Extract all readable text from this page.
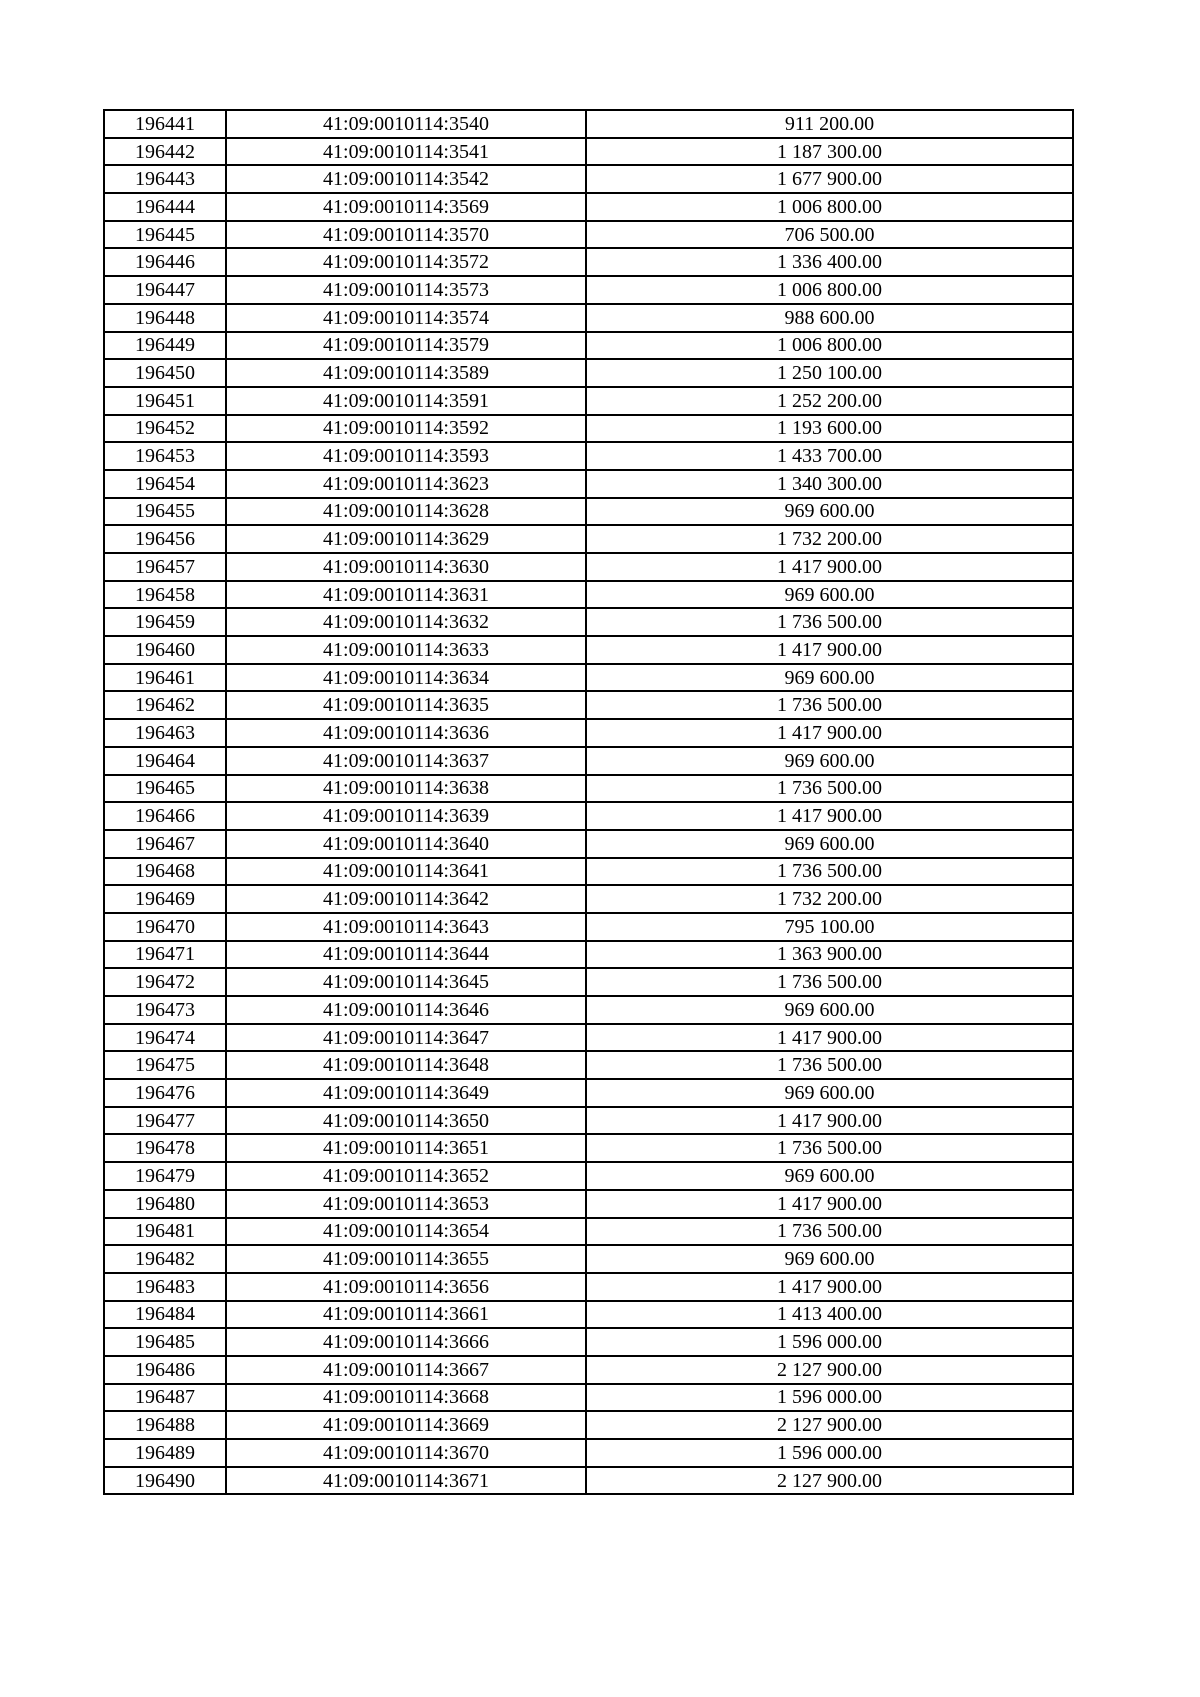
196441	41:09:0010114:3540	911 200.00
196442	41:09:0010114:3541	1 187 300.00
196443	41:09:0010114:3542	1 677 900.00
196444	41:09:0010114:3569	1 006 800.00
196445	41:09:0010114:3570	706 500.00
196446	41:09:0010114:3572	1 336 400.00
196447	41:09:0010114:3573	1 006 800.00
196448	41:09:0010114:3574	988 600.00
196449	41:09:0010114:3579	1 006 800.00
196450	41:09:0010114:3589	1 250 100.00
196451	41:09:0010114:3591	1 252 200.00
196452	41:09:0010114:3592	1 193 600.00
196453	41:09:0010114:3593	1 433 700.00
196454	41:09:0010114:3623	1 340 300.00
196455	41:09:0010114:3628	969 600.00
196456	41:09:0010114:3629	1 732 200.00
196457	41:09:0010114:3630	1 417 900.00
196458	41:09:0010114:3631	969 600.00
196459	41:09:0010114:3632	1 736 500.00
196460	41:09:0010114:3633	1 417 900.00
196461	41:09:0010114:3634	969 600.00
196462	41:09:0010114:3635	1 736 500.00
196463	41:09:0010114:3636	1 417 900.00
196464	41:09:0010114:3637	969 600.00
196465	41:09:0010114:3638	1 736 500.00
196466	41:09:0010114:3639	1 417 900.00
196467	41:09:0010114:3640	969 600.00
196468	41:09:0010114:3641	1 736 500.00
196469	41:09:0010114:3642	1 732 200.00
196470	41:09:0010114:3643	795 100.00
196471	41:09:0010114:3644	1 363 900.00
196472	41:09:0010114:3645	1 736 500.00
196473	41:09:0010114:3646	969 600.00
196474	41:09:0010114:3647	1 417 900.00
196475	41:09:0010114:3648	1 736 500.00
196476	41:09:0010114:3649	969 600.00
196477	41:09:0010114:3650	1 417 900.00
196478	41:09:0010114:3651	1 736 500.00
196479	41:09:0010114:3652	969 600.00
196480	41:09:0010114:3653	1 417 900.00
196481	41:09:0010114:3654	1 736 500.00
196482	41:09:0010114:3655	969 600.00
196483	41:09:0010114:3656	1 417 900.00
196484	41:09:0010114:3661	1 413 400.00
196485	41:09:0010114:3666	1 596 000.00
196486	41:09:0010114:3667	2 127 900.00
196487	41:09:0010114:3668	1 596 000.00
196488	41:09:0010114:3669	2 127 900.00
196489	41:09:0010114:3670	1 596 000.00
196490	41:09:0010114:3671	2 127 900.00
